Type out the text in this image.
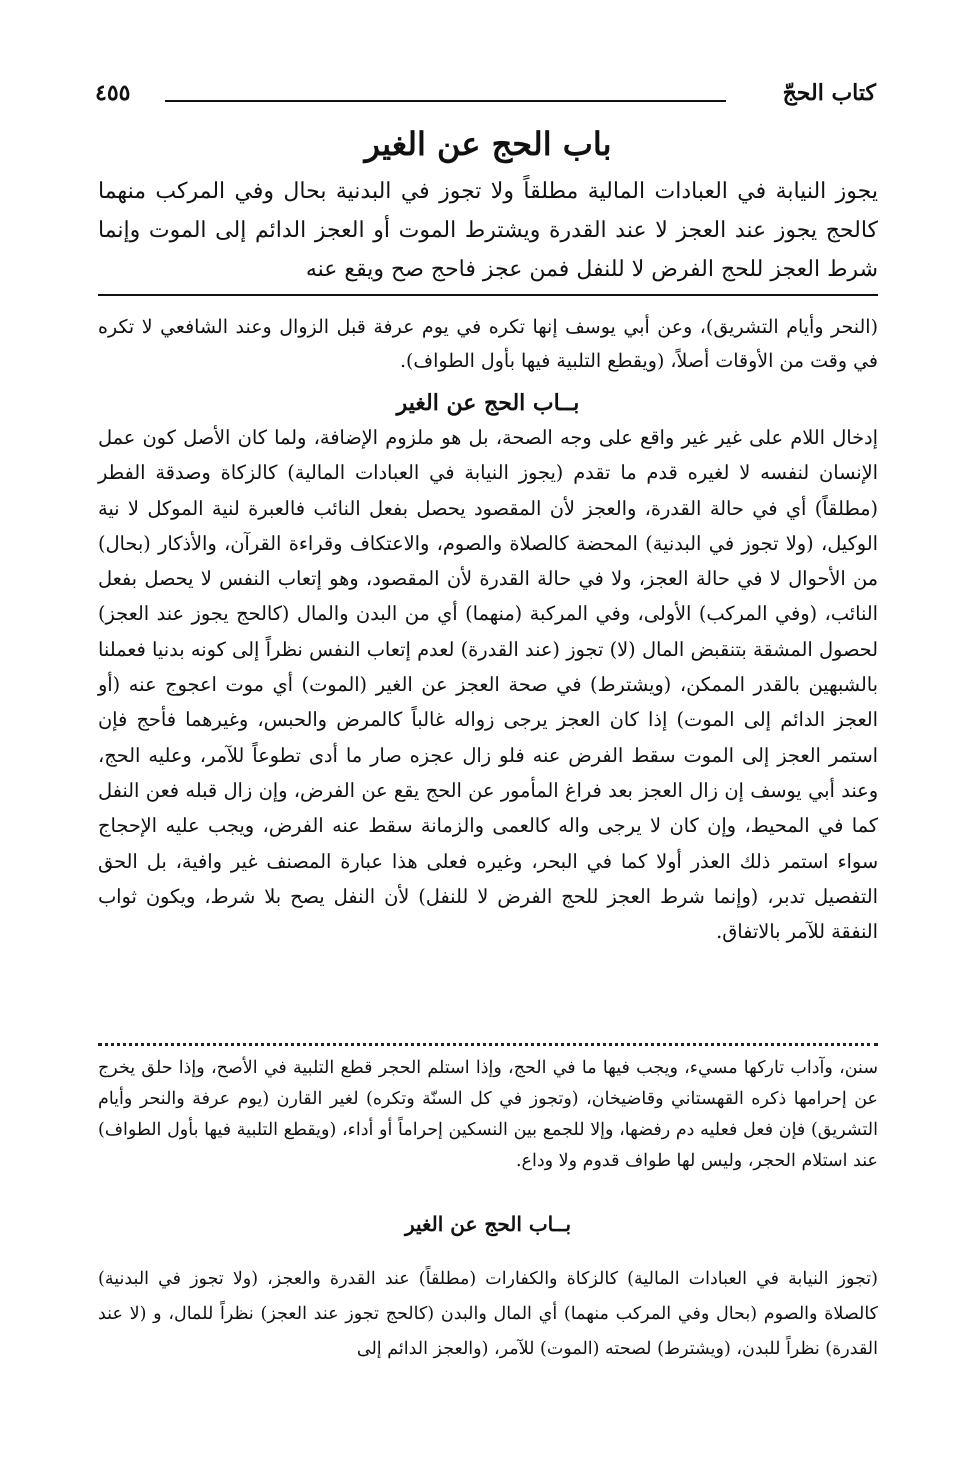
كتاب الحجّ
٤٥٥
باب الحج عن الغير

يجوز النيابة في العبادات المالية مطلقاً ولا تجوز في البدنية بحال وفي المركب منهما كالحج يجوز عند العجز لا عند القدرة ويشترط الموت أو العجز الدائم إلى الموت وإنما شرط العجز للحج الفرض لا للنفل فمن عجز فاحج صح ويقع عنه

(النحر وأيام التشريق)، وعن أبي يوسف إنها تكره في يوم عرفة قبل الزوال وعند الشافعي لا تكره في وقت من الأوقات أصلاً، (ويقطع التلبية فيها بأول الطواف).

بــاب الحج عن الغير

إدخال اللام على غير غير واقع على وجه الصحة، بل هو ملزوم الإضافة، ولما كان الأصل كون عمل الإنسان لنفسه لا لغيره قدم ما تقدم (يجوز النيابة في العبادات المالية) كالزكاة وصدقة الفطر (مطلقاً) أي في حالة القدرة، والعجز لأن المقصود يحصل بفعل النائب فالعبرة لنية الموكل لا نية الوكيل، (ولا تجوز في البدنية) المحضة كالصلاة والصوم، والاعتكاف وقراءة القرآن، والأذكار (بحال) من الأحوال لا في حالة العجز، ولا في حالة القدرة لأن المقصود، وهو إتعاب النفس لا يحصل بفعل النائب، (وفي المركب) الأولى، وفي المركبة (منهما) أي من البدن والمال (كالحج يجوز عند العجز) لحصول المشقة بتنقبض المال (لا) تجوز (عند القدرة) لعدم إتعاب النفس نظراً إلى كونه بدنيا فعملنا بالشبهين بالقدر الممكن، (ويشترط) في صحة العجز عن الغير (الموت) أي موت اعجوج عنه (أو العجز الدائم إلى الموت) إذا كان العجز يرجى زواله غالباً كالمرض والحبس، وغيرهما فأحج فإن استمر العجز إلى الموت سقط الفرض عنه فلو زال عجزه صار ما أدى تطوعاً للآمر، وعليه الحج، وعند أبي يوسف إن زال العجز بعد فراغ المأمور عن الحج يقع عن الفرض، وإن زال قبله فعن النفل كما في المحيط، وإن كان لا يرجى واله كالعمى والزمانة سقط عنه الفرض، ويجب عليه الإحجاج سواء استمر ذلك العذر أولا كما في البحر، وغيره فعلى هذا عبارة المصنف غير وافية، بل الحق التفصيل تدبر، (وإنما شرط العجز للحج الفرض لا للنفل) لأن النفل يصح بلا شرط، ويكون ثواب النفقة للآمر بالاتفاق.

سنن، وآداب تاركها مسيء، ويجب فيها ما في الحج، وإذا استلم الحجر قطع التلبية في الأصح، وإذا حلق يخرج عن إحرامها ذكره القهستاني وقاضيخان، (وتجوز في كل السنّة وتكره) لغير القارن (يوم عرفة والنحر وأيام التشريق) فإن فعل فعليه دم رفضها، وإلا للجمع بين النسكين إحراماً أو أداء، (ويقطع التلبية فيها بأول الطواف) عند استلام الحجر، وليس لها طواف قدوم ولا وداع.

بــاب الحج عن الغير

(تجوز النيابة في العبادات المالية) كالزكاة والكفارات (مطلقاً) عند القدرة والعجز، (ولا تجوز في البدنية) كالصلاة والصوم (بحال وفي المركب منهما) أي المال والبدن (كالحج تجوز عند العجز) نظراً للمال، و (لا عند القدرة) نظراً للبدن، (ويشترط) لصحته (الموت) للآمر، (والعجز الدائم إلى
